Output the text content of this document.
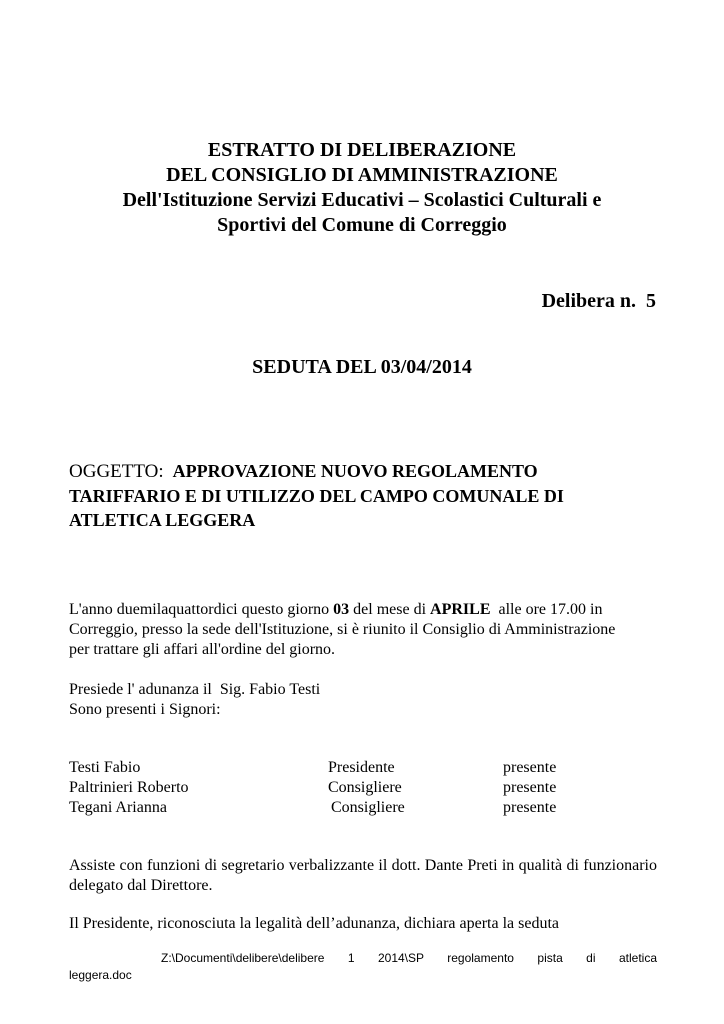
ESTRATTO DI DELIBERAZIONE
DEL CONSIGLIO DI AMMINISTRAZIONE
Dell'Istituzione Servizi Educativi – Scolastici Culturali e
Sportivi del Comune di Correggio
Delibera n.  5
SEDUTA DEL 03/04/2014
OGGETTO: APPROVAZIONE NUOVO REGOLAMENTO
TARIFFARIO E DI UTILIZZO DEL CAMPO COMUNALE DI
ATLETICA LEGGERA
L'anno duemilaquattordici questo giorno 03 del mese di APRILE  alle ore 17.00 in
Correggio, presso la sede dell'Istituzione, si è riunito il Consiglio di Amministrazione
per trattare gli affari all'ordine del giorno.
Presiede l' adunanza il  Sig. Fabio Testi
Sono presenti i Signori:
Testi Fabio	Presidente	presente
Paltrinieri Roberto	Consigliere	presente
Tegani Arianna	Consigliere	presente
Assiste con funzioni di segretario verbalizzante il dott. Dante Preti in qualità di funzionario delegato dal Direttore.
Il Presidente, riconosciuta la legalità dell’adunanza, dichiara aperta la seduta
Z:\Documenti\delibere\delibere 1 2014\SP regolamento pista di atletica
leggera.doc
